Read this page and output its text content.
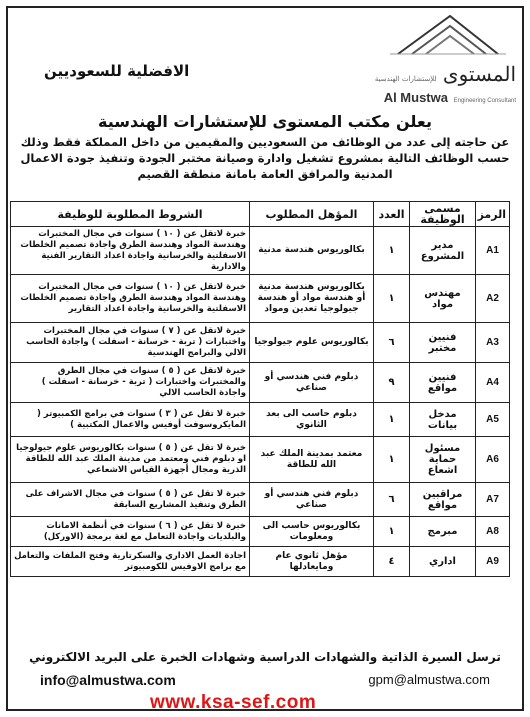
المستوى للإستشارات الهندسية
Al Mustwa Engineering Consultant
الافضلية للسعوديين
يعلن مكتب المستوى للإستشارات الهندسية
عن حاجته إلى عدد من الوظائف من السعوديين والمقيمين من داخل المملكة فقط وذلك حسب الوظائف التالية بمشروع تشغيل وادارة وصيانة مختبر الجودة وتنفيذ جودة الاعمال المدنية والمرافق العامة بامانة منطقة القصيم
الرمز	مسمى الوظيفة	العدد	المؤهل المطلوب	الشروط المطلوبة للوظيفة
A1	مدير المشروع	١	بكالوريوس هندسة مدنية	خبرة لاتقل عن ( ١٠ ) سنوات في مجال المختبرات وهندسة المواد وهندسة الطرق واجادة تصميم الخلطات الاسفلتية والخرسانية واجادة اعداد التقارير الفنية والادارية
A2	مهندس مواد	١	بكالوريوس هندسة مدنية أو هندسة مواد أو هندسة جيولوجيا تعدين ومواد	خبرة لاتقل عن ( ١٠ ) سنوات في مجال المختبرات وهندسة المواد وهندسة الطرق واجادة تصميم الخلطات الاسفلتية والخرسانية واجادة اعداد التقارير
A3	فنيين مختبر	٦	بكالوريوس علوم جيولوجيا	خبرة لاتقل عن ( ٧ ) سنوات في مجال المختبرات واختبارات ( تربة - خرسانة - اسفلت ) واجادة الحاسب الالي والبرامج الهندسية
A4	فنيين مواقع	٩	دبلوم فني هندسي أو صناعي	خبرة لاتقل عن ( ٥ ) سنوات في مجال الطرق والمختبرات واختبارات ( تربة - خرسانة - اسفلت ) واجادة الحاسب الالي
A5	مدخل بيانات	١	دبلوم حاسب الى بعد الثانوي	خبرة لا تقل عن ( ٣ ) سنوات في برامج الكمبيوتر ( المايكروسوفت أوفيس والاعمال المكتبية )
A6	مسئول حماية اشعاع	١	معتمد بمدينة الملك عبد الله للطاقة	خبرة لا تقل عن ( ٥ ) سنوات بكالوريوس علوم جيولوجيا او دبلوم فني ومعتمد من مدينة الملك عبد الله للطاقة الذرية ومجال أجهزة القياس الاشعاعي
A7	مراقبين مواقع	٦	دبلوم فني هندسي أو صناعي	خبرة لا تقل عن ( ٥ ) سنوات في مجال الاشراف على الطرق وتنفيذ المشاريع السابقة
A8	مبرمج	١	بكالوريوس حاسب الى ومعلومات	خبرة لا تقل عن ( ٦ ) سنوات في أنظمة الامانات والبلديات واجادة التعامل مع لغة برمجة (الاوركل)
A9	اداري	٤	مؤهل ثانوي عام ومايعادلها	اجادة العمل الاداري والسكرتارية وفتح الملفات والتعامل مع برامج الاوفيس للكومبيوتر
ترسل السيرة الذاتية والشهادات الدراسية وشهادات الخبرة على البريد الالكتروني
info@almustwa.com	gpm@almustwa.com
www.ksa-sef.com
